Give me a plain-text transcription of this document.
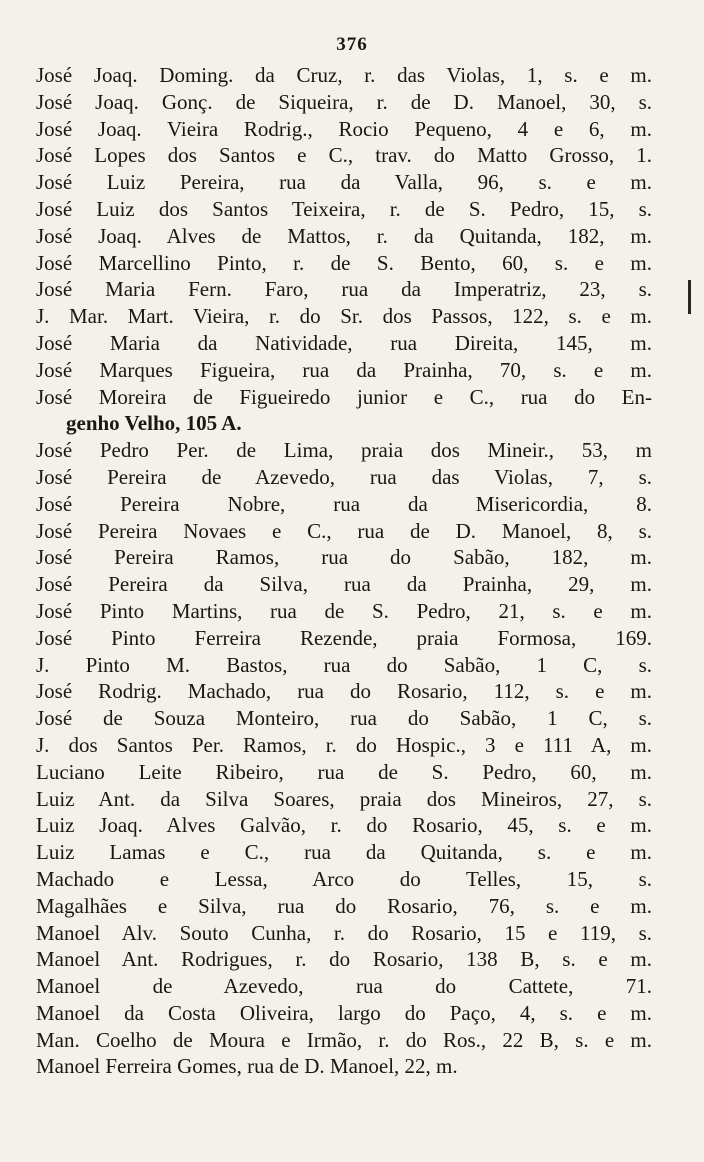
376
José Joaq. Doming. da Cruz, r. das Violas, 1, s. e m.
José Joaq. Gonç. de Siqueira, r. de D. Manoel, 30, s.
José Joaq. Vieira Rodrig., Rocio Pequeno, 4 e 6, m.
José Lopes dos Santos e C., trav. do Matto Grosso, 1.
José Luiz Pereira, rua da Valla, 96, s. e m.
José Luiz dos Santos Teixeira, r. de S. Pedro, 15, s.
José Joaq. Alves de Mattos, r. da Quitanda, 182, m.
José Marcellino Pinto, r. de S. Bento, 60, s. e m.
José Maria Fern. Faro, rua da Imperatriz, 23, s.
J. Mar. Mart. Vieira, r. do Sr. dos Passos, 122, s. e m.
José Maria da Natividade, rua Direita, 145, m.
José Marques Figueira, rua da Prainha, 70, s. e m.
José Moreira de Figueiredo junior e C., rua do En-
genho Velho, 105 A.
José Pedro Per. de Lima, praia dos Mineir., 53, m
José Pereira de Azevedo, rua das Violas, 7, s.
José Pereira Nobre, rua da Misericordia, 8.
José Pereira Novaes e C., rua de D. Manoel, 8, s.
José Pereira Ramos, rua do Sabão, 182, m.
José Pereira da Silva, rua da Prainha, 29, m.
José Pinto Martins, rua de S. Pedro, 21, s. e m.
José Pinto Ferreira Rezende, praia Formosa, 169.
J. Pinto M. Bastos, rua do Sabão, 1 C, s.
José Rodrig. Machado, rua do Rosario, 112, s. e m.
José de Souza Monteiro, rua do Sabão, 1 C, s.
J. dos Santos Per. Ramos, r. do Hospic., 3 e 111 A, m.
Luciano Leite Ribeiro, rua de S. Pedro, 60, m.
Luiz Ant. da Silva Soares, praia dos Mineiros, 27, s.
Luiz Joaq. Alves Galvão, r. do Rosario, 45, s. e m.
Luiz Lamas e C., rua da Quitanda, s. e m.
Machado e Lessa, Arco do Telles, 15, s.
Magalhães e Silva, rua do Rosario, 76, s. e m.
Manoel Alv. Souto Cunha, r. do Rosario, 15 e 119, s.
Manoel Ant. Rodrigues, r. do Rosario, 138 B, s. e m.
Manoel de Azevedo, rua do Cattete, 71.
Manoel da Costa Oliveira, largo do Paço, 4, s. e m.
Man. Coelho de Moura e Irmão, r. do Ros., 22 B, s. e m.
Manoel Ferreira Gomes, rua de D. Manoel, 22, m.
